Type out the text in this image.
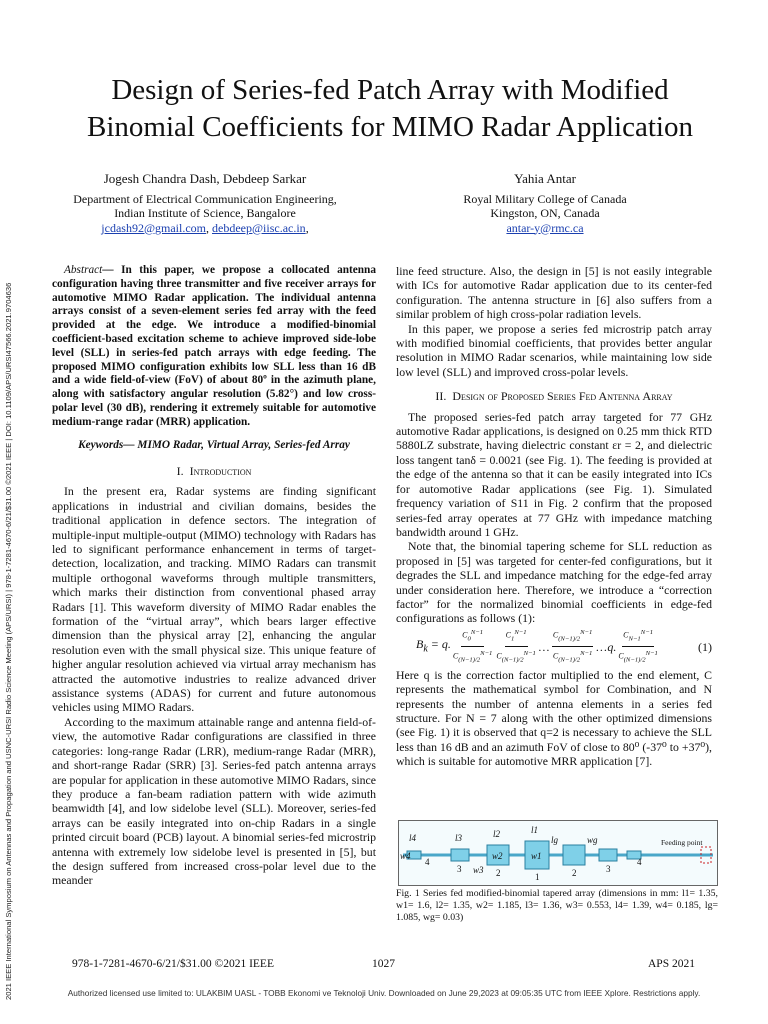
2021 IEEE International Symposium on Antennas and Propagation and USNC-URSI Radio Science Meeting (APS/URSI) | 978-1-7281-4670-6/21/$31.00 ©2021 IEEE | DOI: 10.1109/APS/URSI47566.2021.9704636
Design of Series-fed Patch Array with Modified
Binomial Coefficients for MIMO Radar Application
Jogesh Chandra Dash, Debdeep Sarkar
Department of Electrical Communication Engineering,
Indian Institute of Science, Bangalore
jcdash92@gmail.com, debdeep@iisc.ac.in,
Yahia Antar
Royal Military College of Canada
Kingston, ON, Canada
antar-y@rmc.ca

Abstract— In this paper, we propose a collocated antenna configuration having three transmitter and five receiver arrays for automotive MIMO Radar application. The individual antenna arrays consist of a seven-element series fed array with the feed provided at the edge. We introduce a modified-binomial coefficient-based excitation scheme to achieve improved side-lobe level (SLL) in series-fed patch arrays with edge feeding. The proposed MIMO configuration exhibits low SLL less than 16 dB and a wide field-of-view (FoV) of about 80º in the azimuth plane, along with satisfactory angular resolution (5.82°) and low cross-polar level (30 dB), rendering it extremely suitable for automotive medium-range radar (MRR) application.

Keywords— MIMO Radar, Virtual Array, Series-fed Array

I. Introduction

In the present era, Radar systems are finding significant applications in industrial and civilian domains, besides the traditional application in defence sectors. The integration of multiple-input multiple-output (MIMO) technology with Radars has led to significant performance enhancement in terms of target-detection, localization, and tracking. MIMO Radars can transmit multiple orthogonal waveforms through multiple transmitters, which marks their distinction from conventional phased array Radars [1]. This waveform diversity of MIMO Radar enables the formation of the “virtual array”, which bears larger effective dimension than the physical array [2], enhancing the angular resolution even with the small physical size. This unique feature of higher angular resolution achieved via virtual array mechanism has attracted the automotive industries to realize advanced driver assistance systems (ADAS) for current and future autonomous vehicles using MIMO Radars.

According to the maximum attainable range and antenna field-of-view, the automotive Radar configurations are classified in three categories: long-range Radar (LRR), medium-range Radar (MRR), and short-range Radar (SRR) [3]. Series-fed patch antenna arrays are popular for application in these automotive MIMO Radars, since they produce a fan-beam radiation pattern with wide azimuth beamwidth [4], and low sidelobe level (SLL). Moreover, series-fed arrays can be easily integrated into on-chip Radars in a single printed circuit board (PCB) layout. A binomial series-fed microstrip antenna with extremely low sidelobe level is presented in [5], but the design suffered from increased cross-polar level due to the meander

line feed structure. Also, the design in [5] is not easily integrable with ICs for automotive Radar application due to its center-fed configuration. The antenna structure in [6] also suffers from a similar problem of high cross-polar radiation levels.

In this paper, we propose a series fed microstrip patch array with modified binomial coefficients, that provides better angular resolution in MIMO Radar scenarios, while maintaining low side low level (SLL) and improved cross-polar levels.

II. Design of Proposed Series Fed Antenna Array

The proposed series-fed patch array targeted for 77 GHz automotive Radar applications, is designed on 0.25 mm thick RTD 5880LZ substrate, having dielectric constant εr = 2, and dielectric loss tangent tanδ = 0.0021 (see Fig. 1). The feeding is provided at the edge of the antenna so that it can be easily integrated into ICs for automotive Radar applications (see Fig. 1). Simulated frequency variation of S11 in Fig. 2 confirm that the proposed series-fed array operates at 77 GHz with impedance matching bandwidth around 1 GHz.

Note that, the binomial tapering scheme for SLL reduction as proposed in [5] was targeted for center-fed configurations, but it degrades the SLL and impedance matching for the edge-fed array under consideration here. Therefore, we introduce a “correction factor” for the normalized binomial coefficients in edge-fed configurations as follows (1):

$B_k = q$. $\frac{C_0^{N-1}}{C_{(N-1)/2}^{N-1}} \frac{C_1^{N-1}}{C_{(N-1)/2}^{N-1}}$ … $\frac{C_{(N-1)/2}^{N-1}}{C_{(N-1)/2}^{N-1}}$ … q. $\frac{C_{N-1}^{N-1}}{C_{(N-1)/2}^{N-1}}$	(1)

Here q is the correction factor multiplied to the end element, C represents the mathematical symbol for Combination, and N represents the number of antenna elements in a series fed structure. For N = 7 along with the other optimized dimensions (see Fig. 1) it is observed that q=2 is necessary to achieve the SLL less than 16 dB and an azimuth FoV of close to 80⁰ (-37⁰ to +37⁰), which is suitable for automotive MRR application [7].

l4	l3	l2	l1
lg	wg
w4
w3
w2	w1
4
3	2	1	2	3
4
Feeding point
Fig. 1 Series fed modified-binomial tapered array (dimensions in mm: l1= 1.35, w1= 1.6, l2= 1.35, w2= 1.185, l3= 1.36, w3= 0.553, l4= 1.39, w4= 0.185, lg= 1.085, wg= 0.03)
978-1-7281-4670-6/21/$31.00 ©2021 IEEE	1027	APS 2021
Authorized licensed use limited to: ULAKBIM UASL - TOBB Ekonomi ve Teknoloji Univ. Downloaded on June 29,2023 at 09:05:35 UTC from IEEE Xplore. Restrictions apply.
